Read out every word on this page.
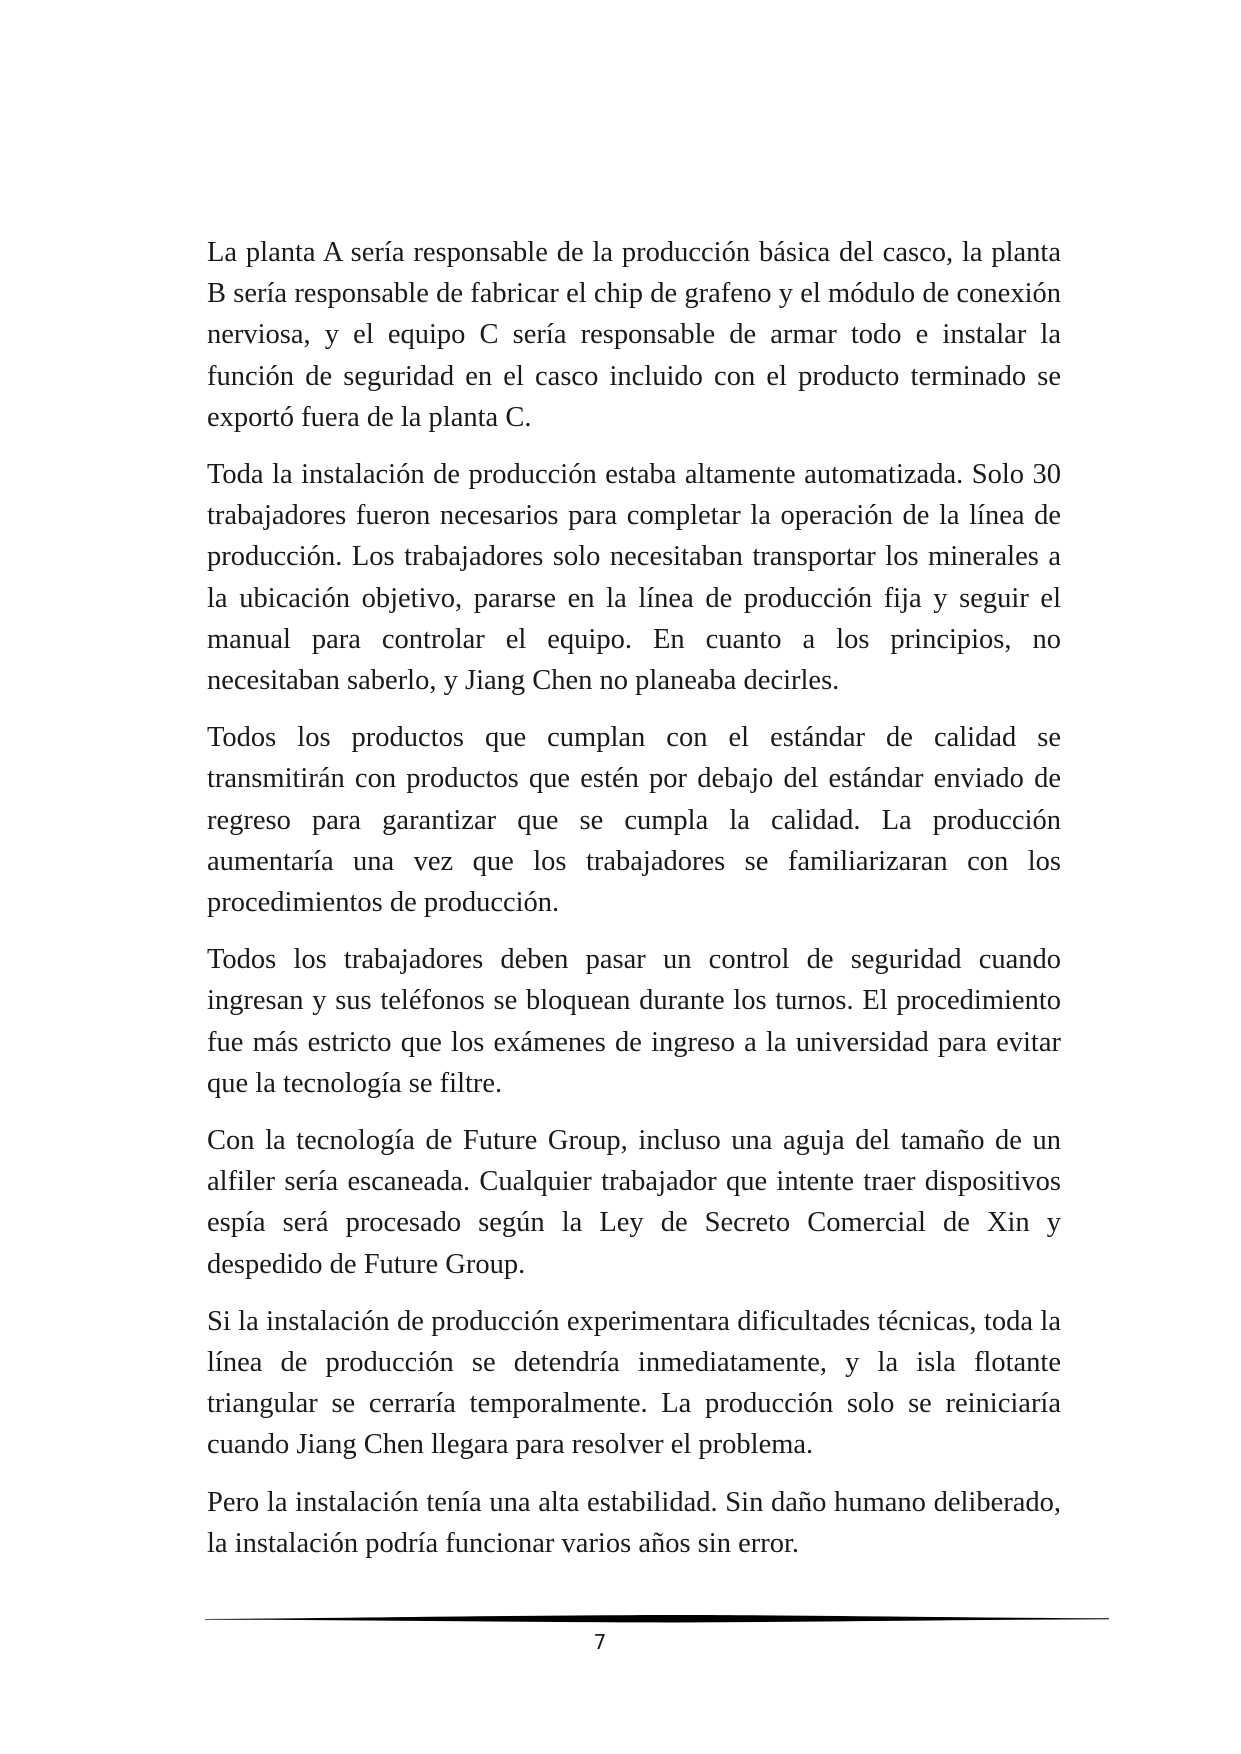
La planta A sería responsable de la producción básica del casco, la planta B sería responsable de fabricar el chip de grafeno y el módulo de conexión nerviosa, y el equipo C sería responsable de armar todo e instalar la función de seguridad en el casco incluido con el producto terminado se exportó fuera de la planta C.

Toda la instalación de producción estaba altamente automatizada. Solo 30 trabajadores fueron necesarios para completar la operación de la línea de producción. Los trabajadores solo necesitaban transportar los minerales a la ubicación objetivo, pararse en la línea de producción fija y seguir el manual para controlar el equipo. En cuanto a los principios, no necesitaban saberlo, y Jiang Chen no planeaba decirles.

Todos los productos que cumplan con el estándar de calidad se transmitirán con productos que estén por debajo del estándar enviado de regreso para garantizar que se cumpla la calidad. La producción aumentaría una vez que los trabajadores se familiarizaran con los procedimientos de producción.

Todos los trabajadores deben pasar un control de seguridad cuando ingresan y sus teléfonos se bloquean durante los turnos. El procedimiento fue más estricto que los exámenes de ingreso a la universidad para evitar que la tecnología se filtre.

Con la tecnología de Future Group, incluso una aguja del tamaño de un alfiler sería escaneada. Cualquier trabajador que intente traer dispositivos espía será procesado según la Ley de Secreto Comercial de Xin y despedido de Future Group.

Si la instalación de producción experimentara dificultades técnicas, toda la línea de producción se detendría inmediatamente, y la isla flotante triangular se cerraría temporalmente. La producción solo se reiniciaría cuando Jiang Chen llegara para resolver el problema.

Pero la instalación tenía una alta estabilidad. Sin daño humano deliberado, la instalación podría funcionar varios años sin error.

7
